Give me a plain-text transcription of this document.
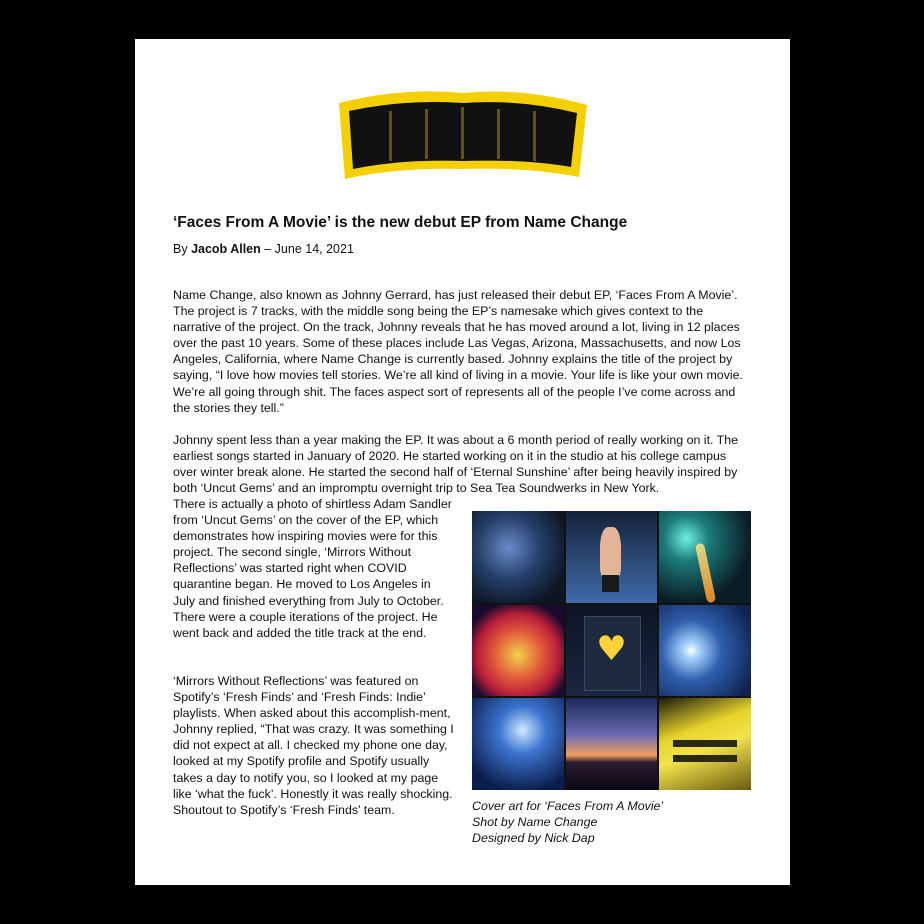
‘Faces From A Movie’ is the new debut EP from Name Change

By Jacob Allen – June 14, 2021

Name Change, also known as Johnny Gerrard, has just released their debut EP, ‘Faces From A Movie’. The project is 7 tracks, with the middle song being the EP’s namesake which gives context to the narrative of the project. On the track, Johnny reveals that he has moved around a lot, living in 12 places over the past 10 years. Some of these places include Las Vegas, Arizona, Massachusetts, and now Los Angeles, California, where Name Change is currently based. Johnny explains the title of the project by saying, “I love how movies tell stories. We’re all kind of living in a movie. Your life is like your own movie. We’re all going through shit. The faces aspect sort of represents all of the people I’ve come across and the stories they tell.”

Johnny spent less than a year making the EP. It was about a 6 month period of really working on it. The earliest songs started in January of 2020. He started working on it in the studio at his college campus over winter break alone. He started the second half of ‘Eternal Sunshine’ after being heavily inspired by both ‘Uncut Gems’ and an impromptu overnight trip to Sea Tea Soundwerks in New York.

There is actually a photo of shirtless Adam Sandler from ‘Uncut Gems’ on the cover of the EP, which demonstrates how inspiring movies were for this project. The second single, ‘Mirrors Without Reflections’ was started right when COVID quarantine began. He moved to Los Angeles in July and finished everything from July to October. There were a couple iterations of the project. He went back and added the title track at the end.

‘Mirrors Without Reflections’ was featured on Spotify’s ‘Fresh Finds’ and ‘Fresh Finds: Indie’ playlists. When asked about this accomplish-ment, Johnny replied, “That was crazy. It was something I did not expect at all. I checked my phone one day, looked at my Spotify profile and Spotify usually takes a day to notify you, so I looked at my page like ‘what the fuck’. Honestly it was really shocking. Shoutout to Spotify’s ‘Fresh Finds’ team.

♥
Cover art for ‘Faces From A Movie’
Shot by Name Change
Designed by Nick Dap
